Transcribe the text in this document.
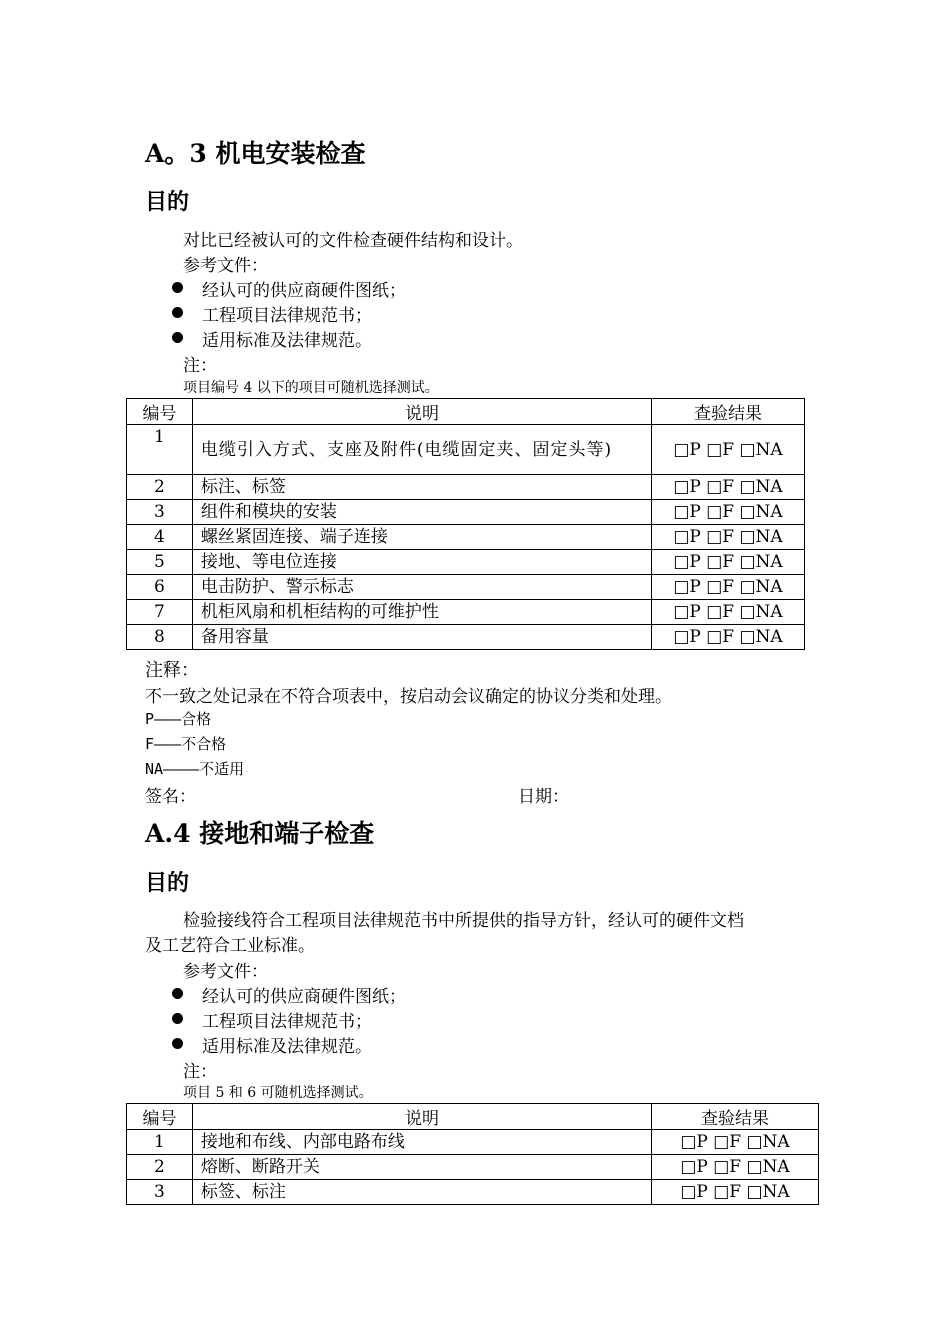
A。3 机电安装检查
目的
对比已经被认可的文件检查硬件结构和设计。
参考文件：
经认可的供应商硬件图纸；
工程项目法律规范书；
适用标准及法律规范。
注：
项目编号 4 以下的项目可随机选择测试。
编号	说明	查验结果
1	电缆引入方式、支座及附件(电缆固定夹、固定头等)	□P □F □NA
2	标注、标签	□P □F □NA
3	组件和模块的安装	□P □F □NA
4	螺丝紧固连接、端子连接	□P □F □NA
5	接地、等电位连接	□P □F □NA
6	电击防护、警示标志	□P □F □NA
7	机柜风扇和机柜结构的可维护性	□P □F □NA
8	备用容量	□P □F □NA
注释：
不一致之处记录在不符合项表中，按启动会议确定的协议分类和处理。
P———合格
F———不合格
NA————不适用
签名：	日期：
A.4 接地和端子检查
目的
检验接线符合工程项目法律规范书中所提供的指导方针，经认可的硬件文档
及工艺符合工业标准。
参考文件：
经认可的供应商硬件图纸；
工程项目法律规范书；
适用标准及法律规范。
注：
项目 5 和 6 可随机选择测试。
编号	说明	查验结果
1	接地和布线、内部电路布线	□P □F □NA
2	熔断、断路开关	□P □F □NA
3	标签、标注	□P □F □NA
